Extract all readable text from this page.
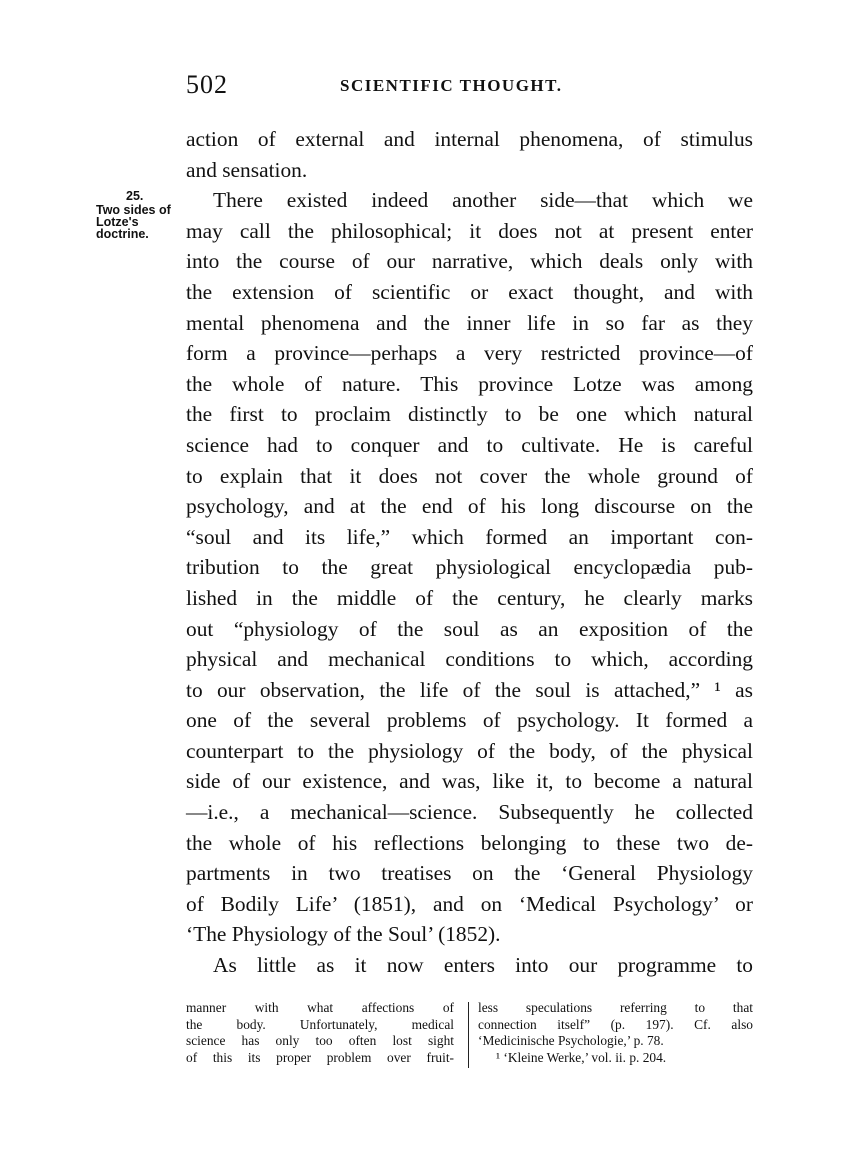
502	SCIENTIFIC THOUGHT.
25.
Two sides of
Lotze's
doctrine.
action of external and internal phenomena, of stimulus
and sensation.
There existed indeed another side—that which we
may call the philosophical; it does not at present enter
into the course of our narrative, which deals only with
the extension of scientific or exact thought, and with
mental phenomena and the inner life in so far as they
form a province—perhaps a very restricted province—of
the whole of nature. This province Lotze was among
the first to proclaim distinctly to be one which natural
science had to conquer and to cultivate. He is careful
to explain that it does not cover the whole ground of
psychology, and at the end of his long discourse on the
“soul and its life,” which formed an important con-
tribution to the great physiological encyclopædia pub-
lished in the middle of the century, he clearly marks
out “physiology of the soul as an exposition of the
physical and mechanical conditions to which, according
to our observation, the life of the soul is attached,” ¹ as
one of the several problems of psychology. It formed a
counterpart to the physiology of the body, of the physical
side of our existence, and was, like it, to become a natural
—i.e., a mechanical—science. Subsequently he collected
the whole of his reflections belonging to these two de-
partments in two treatises on the ‘General Physiology
of Bodily Life’ (1851), and on ‘Medical Psychology’ or
‘The Physiology of the Soul’ (1852).
As little as it now enters into our programme to
manner with what affections of
the body. Unfortunately, medical
science has only too often lost sight
of this its proper problem over fruit-
less speculations referring to that
connection itself” (p. 197). Cf. also
‘Medicinische Psychologie,’ p. 78.
¹ ‘Kleine Werke,’ vol. ii. p. 204.
